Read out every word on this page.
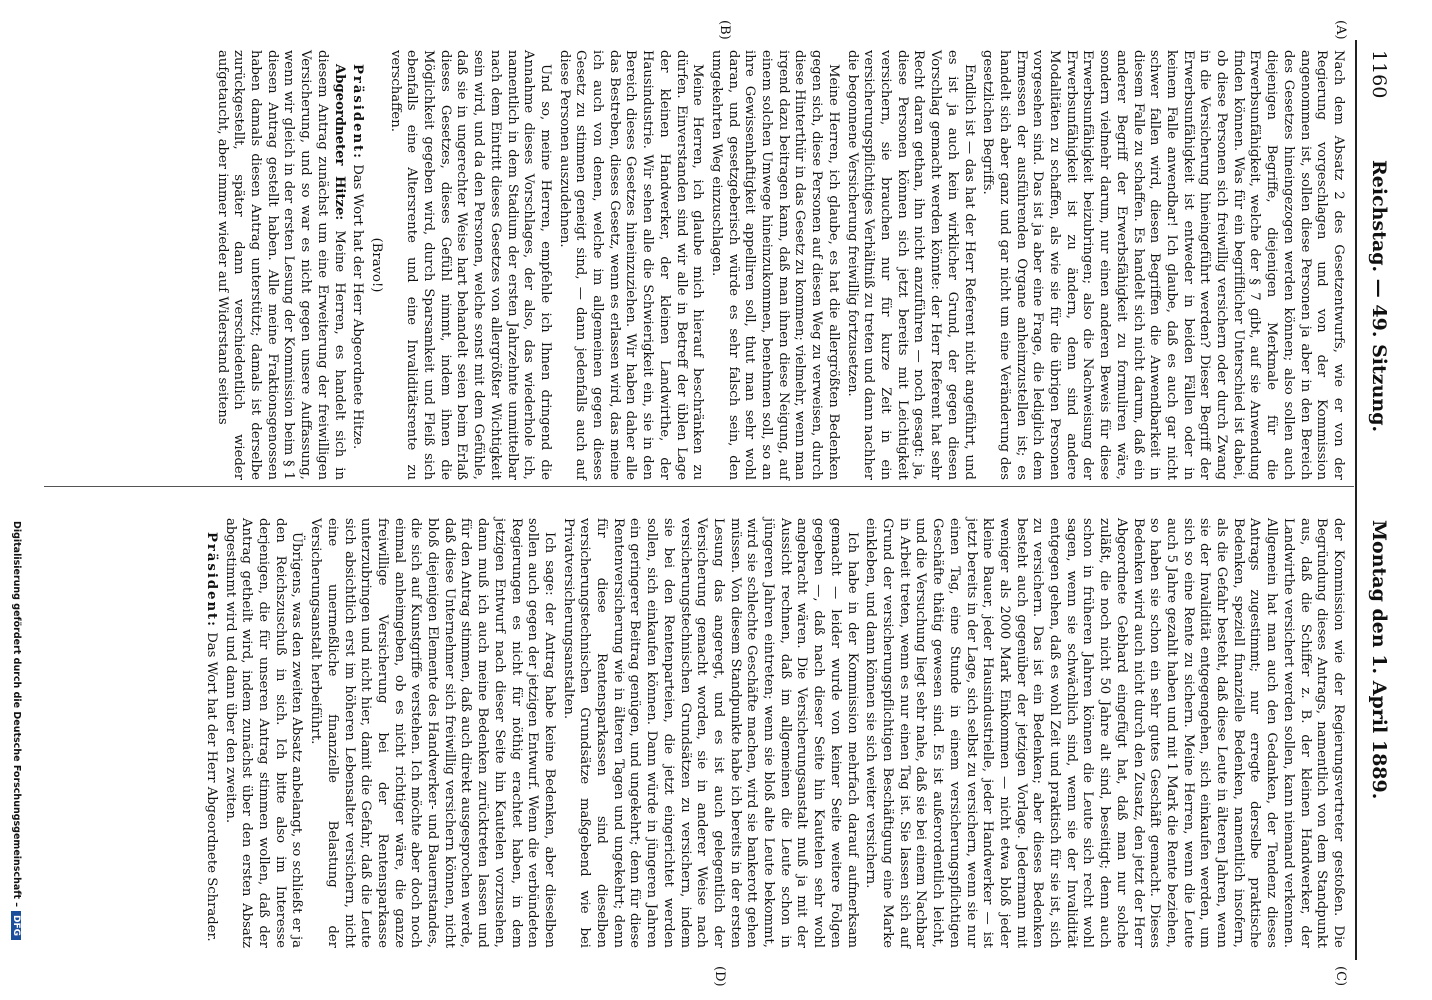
1160
Reichstag. — 49. Sitzung.
Montag den 1. April 1889.
(A)
(B)
(C)
(D)

Nach dem Absatz 2 des Gesetzentwurfs, wie er von der Regierung vorgeschlagen und von der Kommission angenommen ist, sollen diese Personen ja aber in den Bereich des Gesetzes hineingezogen werden können; also sollen auch diejenigen Begriffe, diejenigen Merkmale für die Erwerbsunfähigkeit, welche der § 7 gibt, auf sie Anwendung finden können. Was für ein begrifflicher Unterschied ist dabei, ob diese Personen sich freiwillig versichern oder durch Zwang in die Versicherung hineingeführt werden? Dieser Begriff der Erwerbsunfähigkeit ist entweder in beiden Fällen oder in keinem Falle anwendbar! Ich glaube, daß es auch gar nicht schwer fallen wird, diesen Begriffen die Anwendbarkeit in diesem Falle zu schaffen. Es handelt sich nicht darum, daß ein anderer Begriff der Erwerbsfähigkeit zu formuliren wäre, sondern vielmehr darum, nur einen anderen Beweis für diese Erwerbsunfähigkeit beizubringen; also die Nachweisung der Erwerbsunfähigkeit ist zu ändern, denn sind andere Modalitäten zu schaffen, als wie sie für die übrigen Personen vorgesehen sind. Das ist ja aber eine Frage, die lediglich dem Ermessen der ausführenden Organe anheimzustellen ist; es handelt sich aber ganz und gar nicht um eine Veränderung des gesetzlichen Begriffs.

Endlich ist — das hat der Herr Referent nicht angeführt, und es ist ja auch kein wirklicher Grund, der gegen diesen Vorschlag gemacht werden könnte: der Herr Referent hat sehr Recht daran gethan, ihn nicht anzuführen — noch gesagt: ja, diese Personen können sich jetzt bereits mit Leichtigkeit versichern, sie brauchen nur für kurze Zeit in ein versicherungspflichtiges Verhältniß zu treten und dann nachher die begonnene Versicherung freiwillig fortzusetzen.

Meine Herren, ich glaube, es hat die allergrößten Bedenken gegen sich, diese Personen auf diesen Weg zu verweisen, durch diese Hinterthür in das Gesetz zu kommen; vielmehr, wenn man irgend dazu beitragen kann, daß man ihnen diese Neigung, auf einem solchen Umwege hineinzukommen, benehmen soll, so an ihre Gewissenhaftigkeit appelliren soll, thut man sehr wohl daran, und gesetzgeberisch würde es sehr falsch sein, den umgekehrten Weg einzuschlagen.

Meine Herren, ich glaube mich hierauf beschränken zu dürfen. Einverstanden sind wir alle in Betreff der üblen Lage der kleinen Handwerker, der kleinen Landwirthe, der Hausindustrie. Wir sehen alle die Schwierigkeit ein, sie in den Bereich dieses Gesetzes hineinzuziehen. Wir haben daher alle das Bestreben, dieses Gesetz, wenn es erlassen wird, das meine ich auch von denen, welche im allgemeinen gegen dieses Gesetz zu stimmen geneigt sind, — dann jedenfalls auch auf diese Personen auszudehnen.

Und so, meine Herren, empfehle ich Ihnen dringend die Annahme dieses Vorschlages, der also, das wiederhole ich, namentlich in dem Stadium der ersten Jahrzehnte unmittelbar nach dem Eintritt dieses Gesetzes von allergrößter Wichtigkeit sein wird, und da den Personen, welche sonst mit dem Gefühle, daß sie in ungerechter Weise hart behandelt seien beim Erlaß dieses Gesetzes, dieses Gefühl nimmt, indem ihnen die Möglichkeit gegeben wird, durch Sparsamkeit und Fleiß sich ebenfalls eine Altersrente und eine Invaliditätsrente zu verschaffen.

(Bravo!)

Präsident: Das Wort hat der Herr Abgeordnete Hitze.

Abgeordneter Hitze: Meine Herren, es handelt sich in diesem Antrag zunächst um eine Erweiterung der freiwilligen Versicherung, und so war es nicht gegen unsere Auffassung, wenn wir gleich in der ersten Lesung der Kommission beim § 1 diesen Antrag gestellt haben. Alle meine Fraktionsgenossen haben damals diesen Antrag unterstützt; damals ist derselbe zurückgestellt, später dann verschiedentlich wieder aufgetaucht, aber immer wieder auf Widerstand seitens

der Kommission wie der Regierungsvertreter gestoßen. Die Begründung dieses Antrags, namentlich von dem Standpunkt aus, daß die Schiffer z. B. der kleinen Handwerker, der Landwirthe versichert werden sollen, kann niemand verkennen. Allgemein hat man auch den Gedanken, der Tendenz dieses Antrags zugestimmt; nur erregte derselbe praktische Bedenken, speziell finanzielle Bedenken, namentlich insofern, als die Gefahr besteht, daß diese Leute in älteren Jahren, wenn sie der Invalidität entgegengehen, sich einkaufen werden, um sich so eine Rente zu sichern. Meine Herren, wenn die Leute auch 5 Jahre gezahlt haben und mit 1 Mark die Rente beziehen, so haben sie schon ein sehr gutes Geschäft gemacht. Dieses Bedenken wird auch nicht durch den Zusatz, den jetzt der Herr Abgeordnete Gebhard eingefügt hat, daß man nur solche zuläßt, die noch nicht 50 Jahre alt sind, beseitigt; denn auch schon in früheren Jahren können die Leute sich recht wohl sagen, wenn sie schwächlich sind, wenn sie der Invalidität entgegen gehen, daß es wohl Zeit und praktisch für sie ist, sich zu versichern. Das ist ein Bedenken; aber dieses Bedenken besteht auch gegenüber der jetzigen Vorlage. Jedermann mit weniger als 2000 Mark Einkommen — nicht etwa bloß jeder kleine Bauer, jeder Hausindustrielle, jeder Handwerker — ist jetzt bereits in der Lage, sich selbst zu versichern, wenn sie nur einen Tag, eine Stunde in einem versicherungspflichtigen Geschäfte thätig gewesen sind. Es ist außerordentlich leicht, und die Versuchung liegt sehr nahe, daß sie bei einem Nachbar in Arbeit treten, wenn es nur einen Tag ist. Sie lassen sich auf Grund der versicherungspflichtigen Beschäftigung eine Marke einkleben, und dann können sie sich weiter versichern.

Ich habe in der Kommission mehrfach darauf aufmerksam gemacht — leider wurde von keiner Seite weitere Folgen gegeben —, daß nach dieser Seite hin Kautelen sehr wohl angebracht wären. Die Versicherungsanstalt muß ja mit der Aussicht rechnen, daß im allgemeinen die Leute schon in jüngeren Jahren eintreten; wenn sie bloß alte Leute bekommt, wird sie schlechte Geschäfte machen, wird sie bankerott gehen müssen. Von diesem Standpunkte habe ich bereits in der ersten Lesung das angeregt, und es ist auch gelegentlich der Versicherung gemacht worden, sie in anderer Weise nach versicherungstechnischen Grundsätzen zu versichern, indem sie bei den Rentenparteien, die jetzt eingerichtet werden sollen, sich einkaufen können. Dann würde in jüngeren Jahren ein geringerer Beitrag genügen, und ungekehrt; denn für diese Rentenversicherung wie in älteren Tagen und ungekehrt; denn für diese Rentensparkassen sind dieselben versicherungstechnischen Grundsätze maßgebend wie bei Privatversicherungsanstalten.

Ich sage: der Antrag habe keine Bedenken, aber dieselben sollen auch gegen der jetzigen Entwurf. Wenn die verbündeten Regierungen es nicht für nöthig erachtet haben, in dem jetzigen Entwurf nach dieser Seite hin Kautelen vorzusehen, dann muß ich auch meine Bedenken zurücktreten lassen und für den Antrag stimmen, daß auch direkt ausgesprochen werde, daß diese Unternehmer sich freiwillig versichern können, nicht bloß diejenigen Elemente des Handwerker- und Bauernstandes, die sich auf Kunstgriffe verstehen. Ich möchte aber doch noch einmal anheimgeben, ob es nicht richtiger wäre, die ganze freiwillige Versicherung bei der Rentensparkasse unterzubringen und nicht hier, damit die Gefahr, daß die Leute sich absichtlich erst im höheren Lebensalter versichern, nicht eine unermeßliche finanzielle Belastung der Versicherungsanstalt herbeiführt.

Übrigens, was den zweiten Absatz anbelangt, so schließt er ja den Reichszuschuß in sich. Ich bitte also im Interesse derjenigen, die für unseren Antrag stimmen wollen, daß der Antrag getheilt wird, indem zunächst über den ersten Absatz abgestimmt wird und dann über den zweiten.

Präsident: Das Wort hat der Herr Abgeordnete Schrader.

Digitalisierung gefördert durch die Deutsche Forschungsgemeinschaft –DFG
